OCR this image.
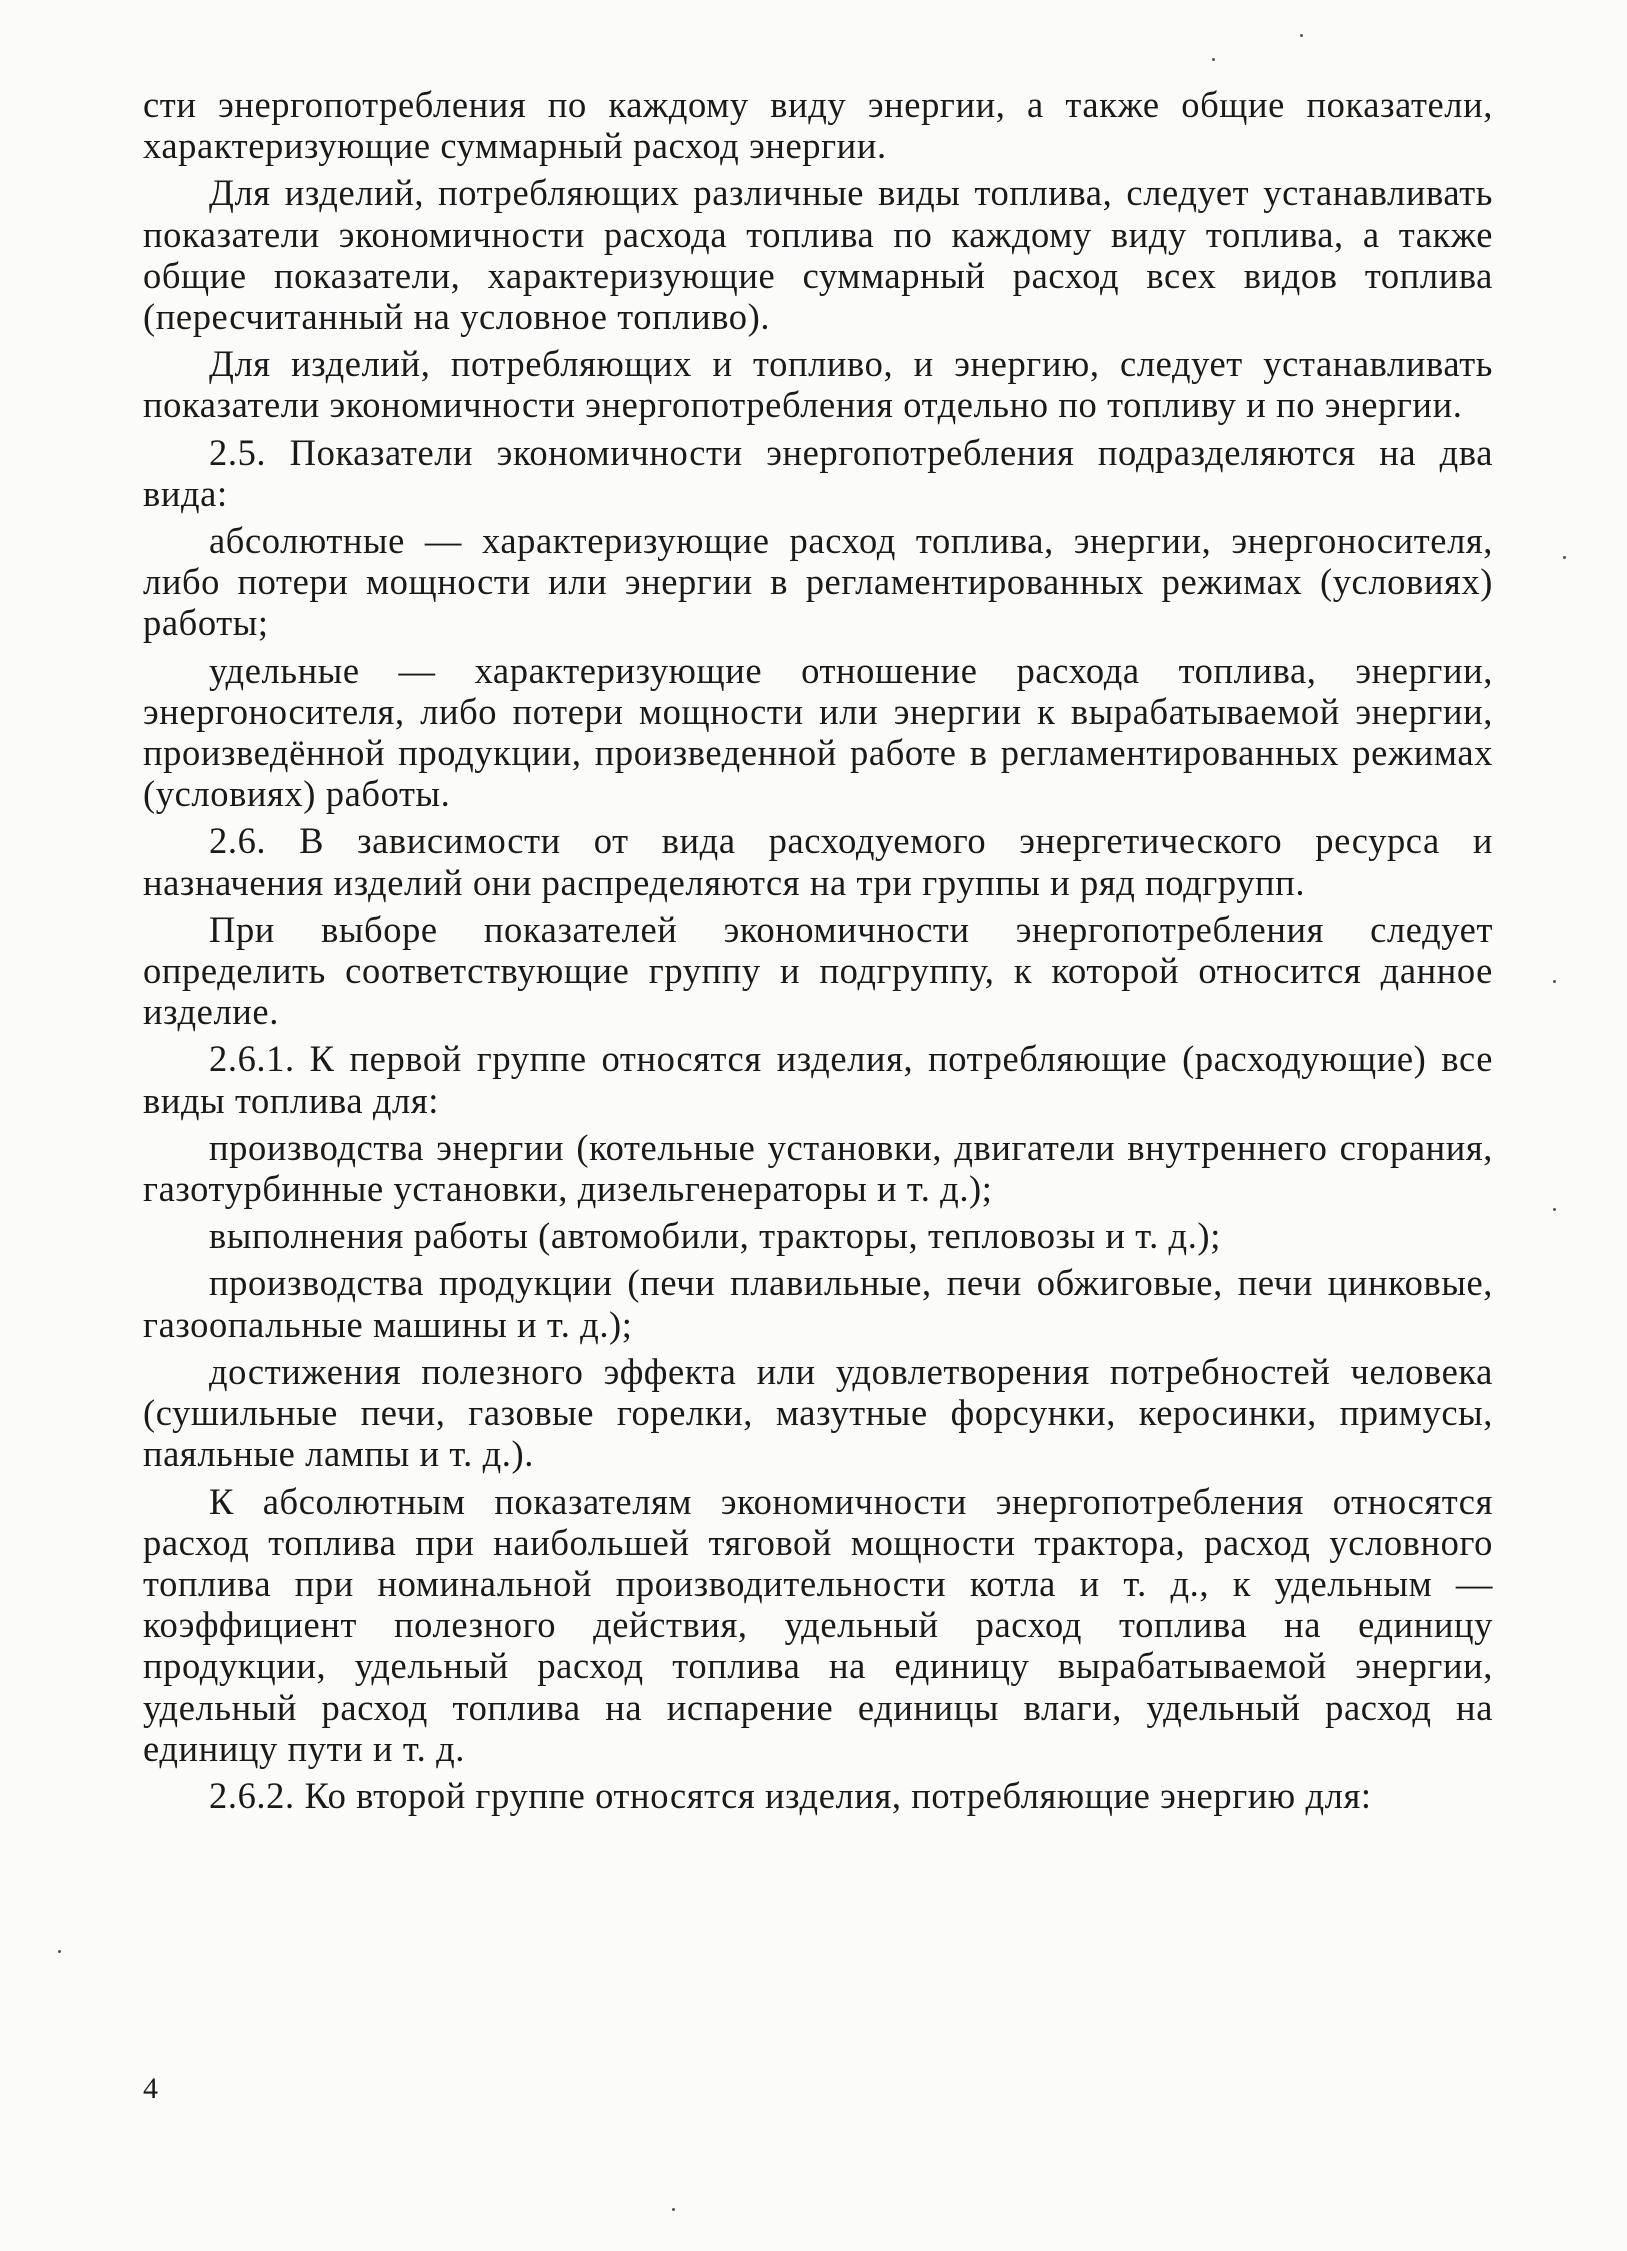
сти энергопотребления по каждому виду энергии, а также общие показатели, характеризующие суммарный расход энергии.

Для изделий, потребляющих различные виды топлива, следует устанавливать показатели экономичности расхода топлива по каждому виду топлива, а также общие показатели, характеризующие суммарный расход всех видов топлива (пересчитанный на условное топливо).

Для изделий, потребляющих и топливо, и энергию, следует устанавливать показатели экономичности энергопотребления отдельно по топливу и по энергии.

2.5. Показатели экономичности энергопотребления подразделяются на два вида:

абсолютные — характеризующие расход топлива, энергии, энергоносителя, либо потери мощности или энергии в регламентированных режимах (условиях) работы;

удельные — характеризующие отношение расхода топлива, энергии, энергоносителя, либо потери мощности или энергии к вырабатываемой энергии, произведённой продукции, произведенной работе в регламентированных режимах (условиях) работы.

2.6. В зависимости от вида расходуемого энергетического ресурса и назначения изделий они распределяются на три группы и ряд подгрупп.

При выборе показателей экономичности энергопотребления следует определить соответствующие группу и подгруппу, к которой относится данное изделие.

2.6.1. К первой группе относятся изделия, потребляющие (расходующие) все виды топлива для:

производства энергии (котельные установки, двигатели внутреннего сгорания, газотурбинные установки, дизельгенераторы и т. д.);

выполнения работы (автомобили, тракторы, тепловозы и т. д.);

производства продукции (печи плавильные, печи обжиговые, печи цинковые, газоопальные машины и т. д.);

достижения полезного эффекта или удовлетворения потребностей человека (сушильные печи, газовые горелки, мазутные форсунки, керосинки, примусы, паяльные лампы и т. д.).

К абсолютным показателям экономичности энергопотребления относятся расход топлива при наибольшей тяговой мощности трактора, расход условного топлива при номинальной производительности котла и т. д., к удельным — коэффициент полезного действия, удельный расход топлива на единицу продукции, удельный расход топлива на единицу вырабатываемой энергии, удельный расход топлива на испарение единицы влаги, удельный расход на единицу пути и т. д.

2.6.2. Ко второй группе относятся изделия, потребляющие энергию для:

4
